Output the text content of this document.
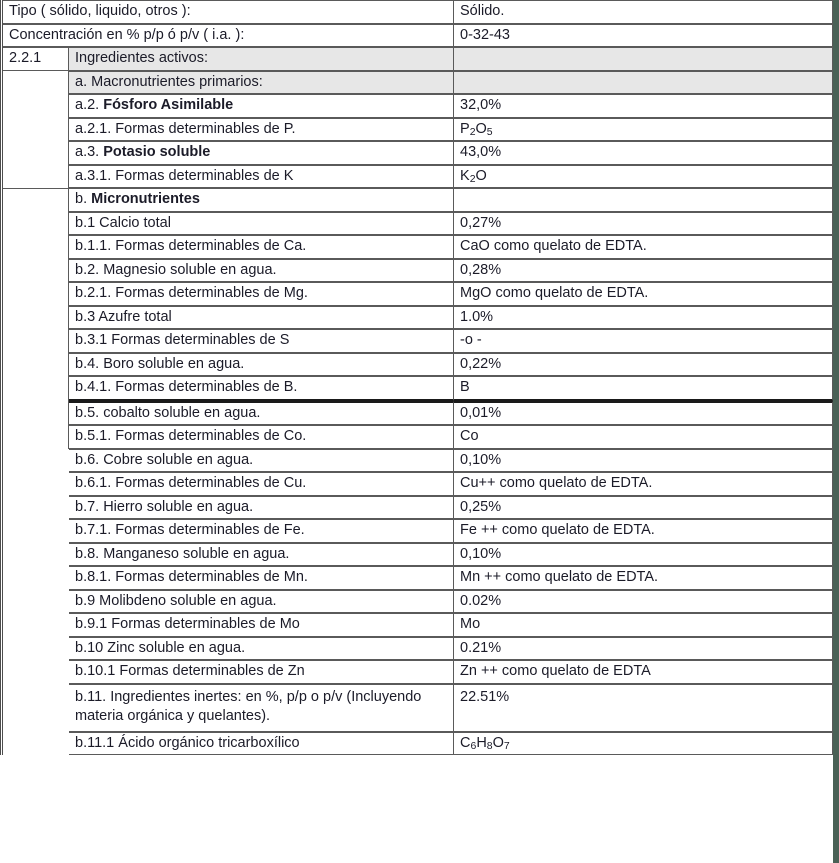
Tipo ( sólido, liquido, otros ):		Sólido.
Concentración en % p/p ó p/v ( i.a. ):		0-32-43
2.2.1	Ingredientes activos:	
	a. Macronutrientes primarios:	
	a.2. Fósforo Asimilable	32,0%
	a.2.1. Formas determinables de P.	$P_2O_5$
	a.3. Potasio soluble	43,0%
	a.3.1. Formas determinables de K	$K_2O$
	b. Micronutrientes	
	b.1 Calcio total	0,27%
	b.1.1. Formas determinables de Ca.	CaO como quelato de EDTA.
	b.2. Magnesio soluble en agua.	0,28%
	b.2.1. Formas determinables de Mg.	MgO como quelato de EDTA.
	b.3 Azufre total	1.0%
	b.3.1 Formas determinables de S	-o -
	b.4. Boro soluble en agua.	0,22%
	b.4.1. Formas determinables de B.	B
	b.5. cobalto soluble en agua.	0,01%
	b.5.1. Formas determinables de Co.	Co
	b.6. Cobre soluble en agua.	0,10%
	b.6.1. Formas determinables de Cu.	Cu++ como quelato de EDTA.
	b.7. Hierro soluble en agua.	0,25%
	b.7.1. Formas determinables de Fe.	Fe ++ como quelato de EDTA.
	b.8. Manganeso soluble en agua.	0,10%
	b.8.1. Formas determinables de Mn.	Mn ++ como quelato de EDTA.
	b.9 Molibdeno soluble en agua.	0.02%
	b.9.1 Formas determinables de Mo	Mo
	b.10 Zinc soluble en agua.	0.21%
	b.10.1 Formas determinables de Zn	Zn ++ como quelato de EDTA
	b.11. Ingredientes inertes: en %, p/p o p/v (Incluyendo materia orgánica y quelantes).	22.51%
	b.11.1 Ácido orgánico tricarboxílico	$C_6H_8O_7$
